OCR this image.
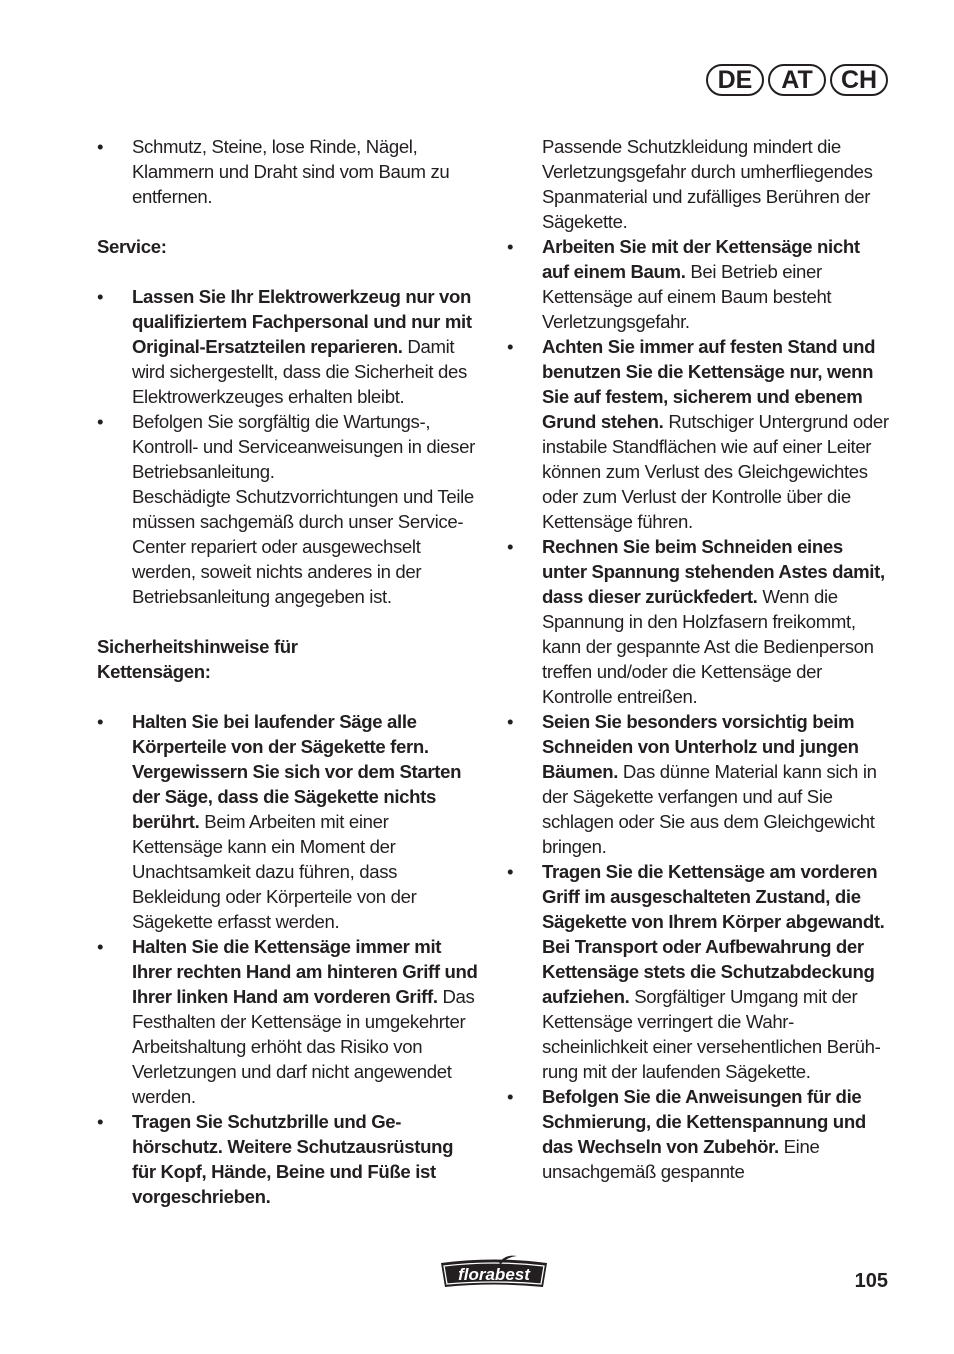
DE	AT	CH
•	Schmutz, Steine, lose Rinde, Nägel, Klammern und Draht sind vom Baum zu entfernen.

Service:

•	Lassen Sie Ihr Elektrowerkzeug nur von qualifiziertem Fachpersonal und nur mit Original-Ersatzteilen reparieren. Damit wird sichergestellt, dass die Sicherheit des Elektrowerkzeuges erhalten bleibt.
•	Befolgen Sie sorgfältig die Wartungs-, Kontroll- und Serviceanweisungen in dieser Betriebsanleitung.

Beschädigte Schutzvorrichtungen und Teile müssen sachgemäß durch unser Service-Center repariert oder ausgewechselt werden, soweit nichts anderes in der Betriebsanleitung angegeben ist.

Sicherheitshinweise für
Kettensägen:

•	Halten Sie bei laufender Säge alle Körperteile von der Sägekette fern. Vergewissern Sie sich vor dem Starten der Säge, dass die Sägekette nichts berührt. Beim Arbeiten mit einer Kettensäge kann ein Moment der Unachtsamkeit dazu führen, dass Bekleidung oder Körperteile von der Sägekette erfasst werden.
•	Halten Sie die Kettensäge immer mit Ihrer rechten Hand am hinteren Griff und Ihrer linken Hand am vorderen Griff. Das Festhalten der Kettensäge in umgekehrter Arbeitshaltung erhöht das Risiko von Verletzungen und darf nicht angewendet werden.
•	Tragen Sie Schutzbrille und Gehörschutz. Weitere Schutzausrüstung für Kopf, Hände, Beine und Füße ist vorgeschrieben.

Passende Schutzkleidung mindert die Verletzungsgefahr durch umherfliegendes Spanmaterial und zufälliges Berühren der Sägekette.

•	Arbeiten Sie mit der Kettensäge nicht auf einem Baum. Bei Betrieb einer Kettensäge auf einem Baum besteht Verletzungsgefahr.
•	Achten Sie immer auf festen Stand und benutzen Sie die Kettensäge nur, wenn Sie auf festem, sicherem und ebenem Grund stehen. Rutschiger Untergrund oder instabile Standflächen wie auf einer Leiter können zum Verlust des Gleichgewichtes oder zum Verlust der Kontrolle über die Kettensäge führen.
•	Rechnen Sie beim Schneiden eines unter Spannung stehenden Astes damit, dass dieser zurückfedert. Wenn die Spannung in den Holzfasern freikommt, kann der gespannte Ast die Bedienperson treffen und/oder die Kettensäge der Kontrolle entreißen.
•	Seien Sie besonders vorsichtig beim Schneiden von Unterholz und jungen Bäumen. Das dünne Material kann sich in der Sägekette verfangen und auf Sie schlagen oder Sie aus dem Gleichgewicht bringen.
•	Tragen Sie die Kettensäge am vorderen Griff im ausgeschalteten Zustand, die Sägekette von Ihrem Körper abgewandt. Bei Transport oder Aufbewahrung der Kettensäge stets die Schutzabdeckung aufziehen. Sorgfältiger Umgang mit der Kettensäge verringert die Wahrscheinlichkeit einer versehentlichen Berührung mit der laufenden Sägekette.
•	Befolgen Sie die Anweisungen für die Schmierung, die Kettenspannung und das Wechseln von Zubehör. Eine unsachgemäß gespannte
florabest	105
